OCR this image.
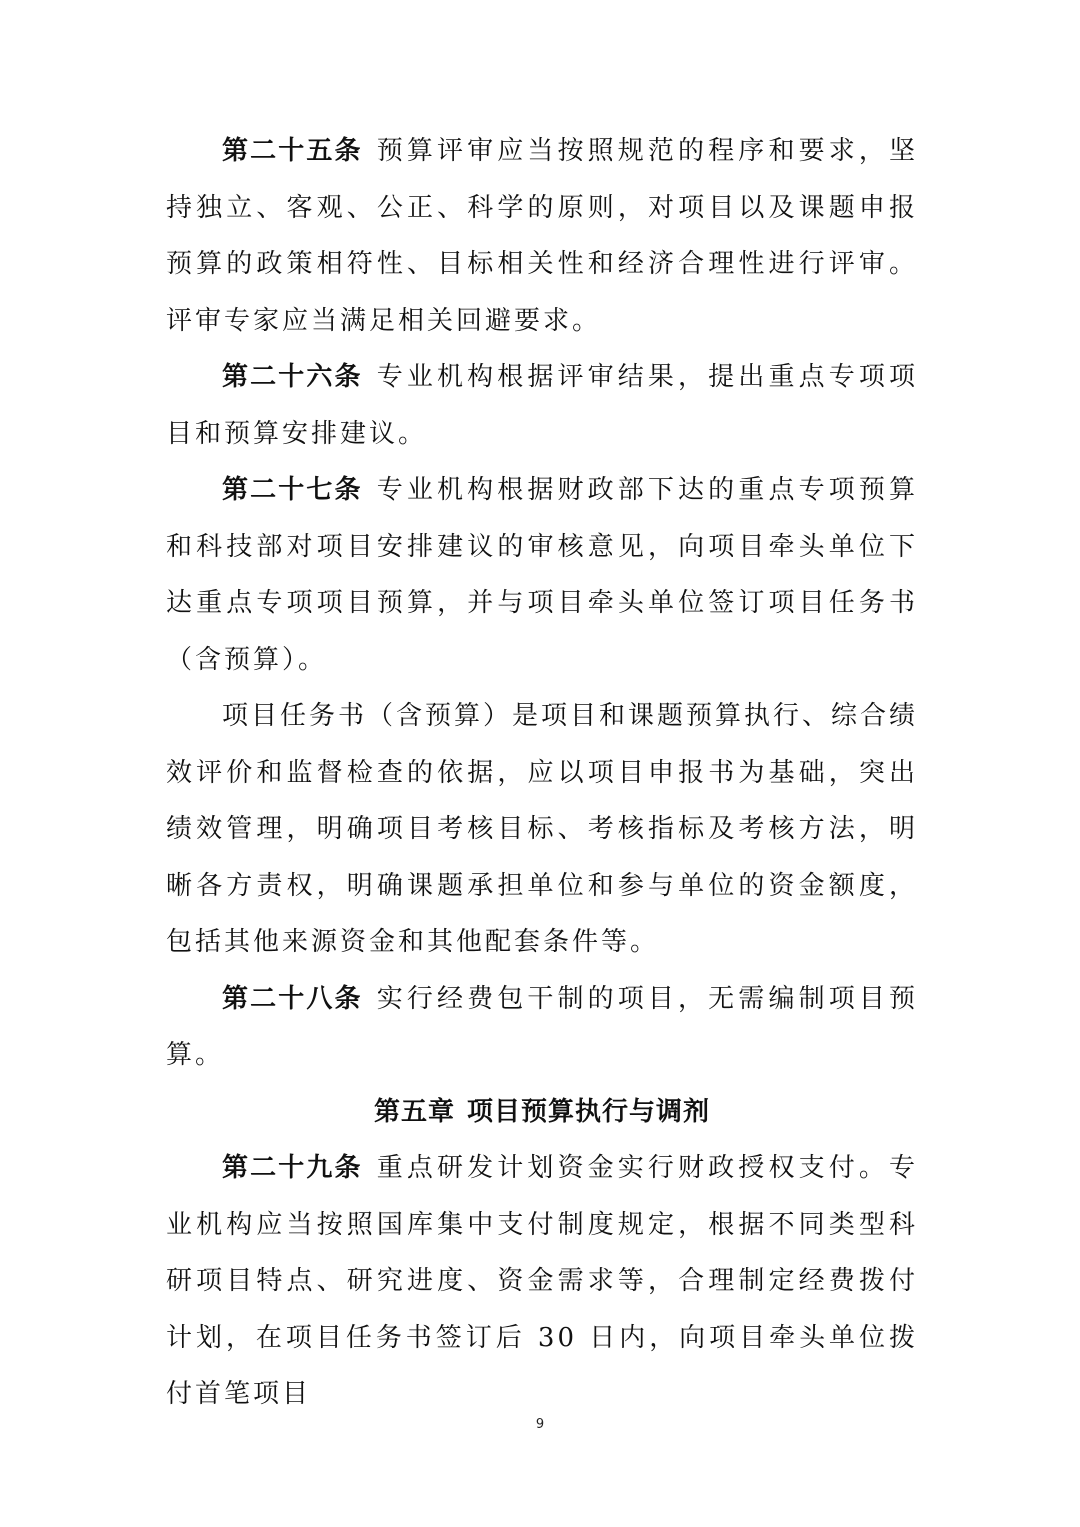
第二十五条 预算评审应当按照规范的程序和要求，坚持独立、客观、公正、科学的原则，对项目以及课题申报预算的政策相符性、目标相关性和经济合理性进行评审。评审专家应当满足相关回避要求。

第二十六条 专业机构根据评审结果，提出重点专项项目和预算安排建议。

第二十七条 专业机构根据财政部下达的重点专项预算和科技部对项目安排建议的审核意见，向项目牵头单位下达重点专项项目预算，并与项目牵头单位签订项目任务书（含预算）。

项目任务书（含预算）是项目和课题预算执行、综合绩效评价和监督检查的依据，应以项目申报书为基础，突出绩效管理，明确项目考核目标、考核指标及考核方法，明晰各方责权，明确课题承担单位和参与单位的资金额度，包括其他来源资金和其他配套条件等。

第二十八条 实行经费包干制的项目，无需编制项目预算。

第五章 项目预算执行与调剂

第二十九条 重点研发计划资金实行财政授权支付。专业机构应当按照国库集中支付制度规定，根据不同类型科研项目特点、研究进度、资金需求等，合理制定经费拨付计划，在项目任务书签订后 30 日内，向项目牵头单位拨付首笔项目

9
